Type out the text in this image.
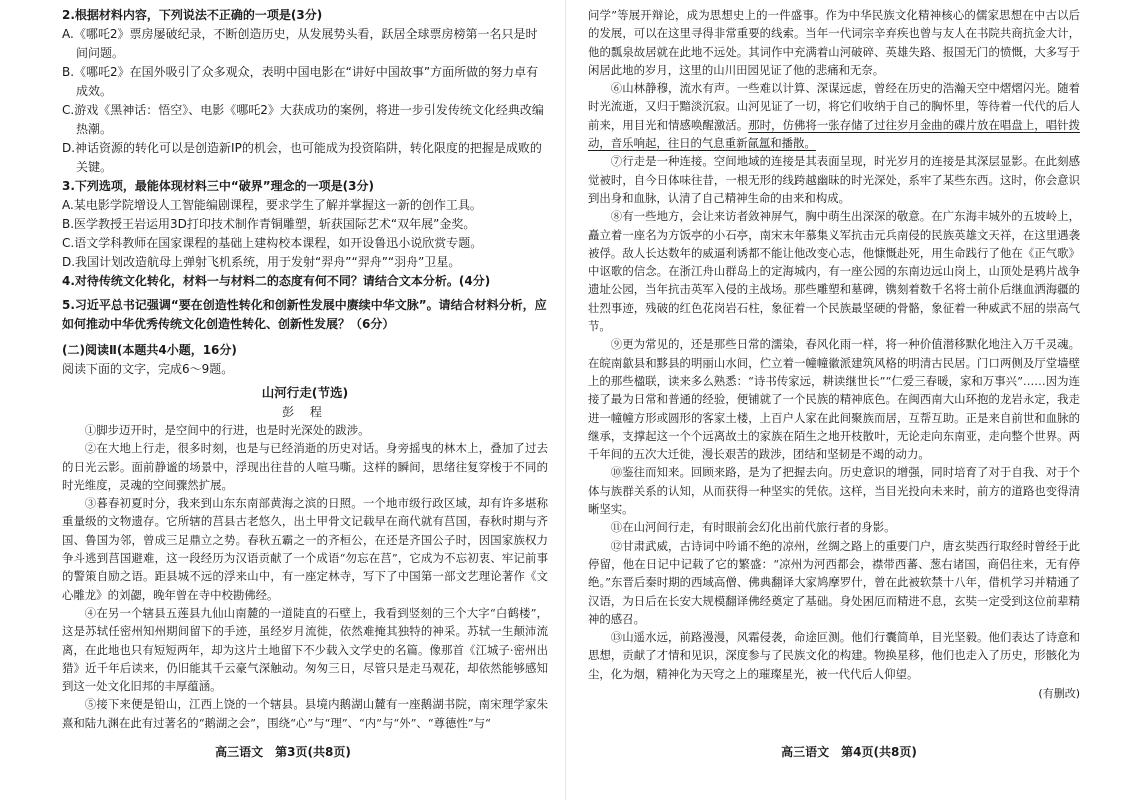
2.根据材料内容，下列说法不正确的一项是(3分)

A.《哪吒2》票房屡破纪录，不断创造历史，从发展势头看，跃居全球票房榜第一名只是时间问题。

B.《哪吒2》在国外吸引了众多观众，表明中国电影在“讲好中国故事”方面所做的努力卓有成效。

C.游戏《黑神话：悟空》、电影《哪吒2》大获成功的案例，将进一步引发传统文化经典改编热潮。

D.神话资源的转化可以是创造新IP的机会，也可能成为投资陷阱，转化限度的把握是成败的关键。

3.下列选项，最能体现材料三中“破界”理念的一项是(3分)

A.某电影学院增设人工智能编剧课程，要求学生了解并掌握这一新的创作工具。

B.医学教授王岩运用3D打印技术制作青铜雕塑，斩获国际艺术“双年展”金奖。

C.语文学科教师在国家课程的基础上建构校本课程，如开设鲁迅小说欣赏专题。

D.我国计划改造航母上弹射飞机系统，用于发射“羿舟”“羿舟”“羽舟”卫星。

4.对待传统文化转化，材料一与材料二的态度有何不同？请结合文本分析。(4分)

5.习近平总书记强调“要在创造性转化和创新性发展中赓续中华文脉”。请结合材料分析，应如何推动中华优秀传统文化创造性转化、创新性发展？（6分）

(二)阅读Ⅱ(本题共4小题，16分)

阅读下面的文字，完成6～9题。

山河行走(节选)

彭 程

①脚步迈开时，是空间中的行进，也是时光深处的跋涉。

②在大地上行走，很多时刻，也是与已经消逝的历史对话。身旁摇曳的林木上，叠加了过去的日光云影。面前静谧的场景中，浮现出往昔的人喧马嘶。这样的瞬间，思绪往复穿梭于不同的时光维度，灵魂的空间骤然扩展。

③暮春初夏时分，我来到山东东南部黄海之滨的日照。一个地市级行政区域，却有许多堪称重量级的文物遗存。它所辖的莒县古老悠久，出土甲骨文记载早在商代就有莒国，春秋时期与齐国、鲁国为邻，曾成三足鼎立之势。春秋五霸之一的齐桓公，在还是齐国公子时，因国家族权力争斗逃到莒国避难，这一段经历为汉语贡献了一个成语“勿忘在莒”，它成为不忘初衷、牢记前事的警策自励之语。距县城不远的浮来山中，有一座定林寺，写下了中国第一部文艺理论著作《文心雕龙》的刘勰，晚年曾在寺中校勘佛经。

④在另一个辖县五莲县九仙山南麓的一道陡直的石壁上，我看到竖刻的三个大字“白鹤楼”，这是苏轼任密州知州期间留下的手迹，虽经岁月流徙，依然难掩其独特的神采。苏轼一生颠沛流离，在此地也只有短短两年，却为这片土地留下不少载入文学史的名篇。像那首《江城子·密州出猎》近千年后读来，仍旧能其千云豪气深触动。匆匆三日，尽管只是走马观花，却依然能够感知到这一处文化旧邦的丰厚蕴涵。

⑤接下来便是铅山，江西上饶的一个辖县。县境内鹅湖山麓有一座鹅湖书院，南宋理学家朱熹和陆九渊在此有过著名的“鹅湖之会”，围绕“心”与“理”、“内”与“外”、“尊德性”与“

高三语文　第3页(共8页)

问学”等展开辩论，成为思想史上的一件盛事。作为中华民族文化精神核心的儒家思想在中古以后的发展，可以在这里寻得非常重要的线索。当年一代词宗辛弃疾也曾与友人在书院共商抗金大计，他的瓢泉故居就在此地不远处。其词作中充满着山河破碎、英雄失路、报国无门的愤慨，大多写于闲居此地的岁月，这里的山川田园见证了他的悲痛和无奈。

⑥山林静穆，流水有声。一些难以计算、深谋远虑，曾经在历史的浩瀚天空中熠熠闪光。随着时光流逝，又归于黯淡沉寂。山河见证了一切，将它们收纳于自己的胸怀里，等待着一代代的后人前来，用目光和情感唤醒激活。那时，仿佛将一张存储了过往岁月金曲的碟片放在唱盘上，唱针拨动，音乐响起，往日的气息重新氤氲和播散。

⑦行走是一种连接。空间地域的连接是其表面呈现，时光岁月的连接是其深层显影。在此刻感觉被时，自今日体味往昔，一根无形的线跨越幽昧的时光深处，系牢了某些东西。这时，你会意识到出身和血脉，认清了自己精神生命的由来和构成。

⑧有一些地方，会让来访者敛神屏气，胸中萌生出深深的敬意。在广东海丰城外的五坡岭上，矗立着一座名为方饭亭的小石亭，南宋末年慕集义军抗击元兵南侵的民族英雄文天祥，在这里遇袭被俘。敌人长达数年的威逼利诱都不能让他改变心志，他慷慨赴死，用生命践行了他在《正气歌》中讴歌的信念。在浙江舟山群岛上的定海城内，有一座公园的东南边远山岗上，山顶处是鸦片战争遗址公园，当年抗击英军入侵的主战场。那些雕塑和墓碑，镌刻着数千名将士前仆后继血洒海疆的壮烈事迹，残破的红色花岗岩石柱，象征着一个民族最坚硬的骨骼，象征着一种威武不屈的崇高气节。

⑨更为常见的，还是那些日常的濡染，春风化雨一样，将一种价值潜移默化地注入万千灵魂。在皖南歙县和黟县的明丽山水间，伫立着一幢幢徽派建筑风格的明清古民居。门口两侧及厅堂墙壁上的那些楹联，读来多么熟悉：“诗书传家远，耕读继世长”“仁爱三春暖，家和万事兴”……因为连接了最为日常和普通的经验，便铺就了一个民族的精神底色。在闽西南大山环抱的龙岩永定，我走进一幢幢方形或圆形的客家土楼，上百户人家在此间聚族而居，互帮互助。正是来自前世和血脉的继承，支撑起这一个个远离故土的家族在陌生之地开枝散叶，无论走向东南亚，走向整个世界。两千年间的五次大迁徙，漫长艰苦的跋涉，团结和坚韧是不竭的动力。

⑩鉴往而知来。回顾来路，是为了把握去向。历史意识的增强，同时培育了对于自我、对于个体与族群关系的认知，从而获得一种坚实的凭依。这样，当目光投向未来时，前方的道路也变得清晰坚实。

⑪在山河间行走，有时眼前会幻化出前代旅行者的身影。

⑫甘肃武威，古诗词中吟诵不绝的凉州，丝绸之路上的重要门户，唐玄奘西行取经时曾经于此停留，他在日记中记载了它的繁盛：“凉州为河西都会，襟带西蕃、葱右诸国，商侣往来，无有停绝。”东晋后秦时期的西域高僧、佛典翻译大家鸠摩罗什，曾在此被软禁十八年，借机学习并精通了汉语，为日后在长安大规模翻译佛经奠定了基础。身处困厄而精进不息，玄奘一定受到这位前辈精神的感召。

⑬山遥水远，前路漫漫，风霜侵袭，命途叵测。他们行囊简单，目光坚毅。他们表达了诗意和思想，贡献了才情和见识，深度参与了民族文化的构建。物换星移，他们也走入了历史，形骸化为尘，化为烟，精神化为天穹之上的璀璨星光，被一代代后人仰望。

(有删改)

高三语文　第4页(共8页)
